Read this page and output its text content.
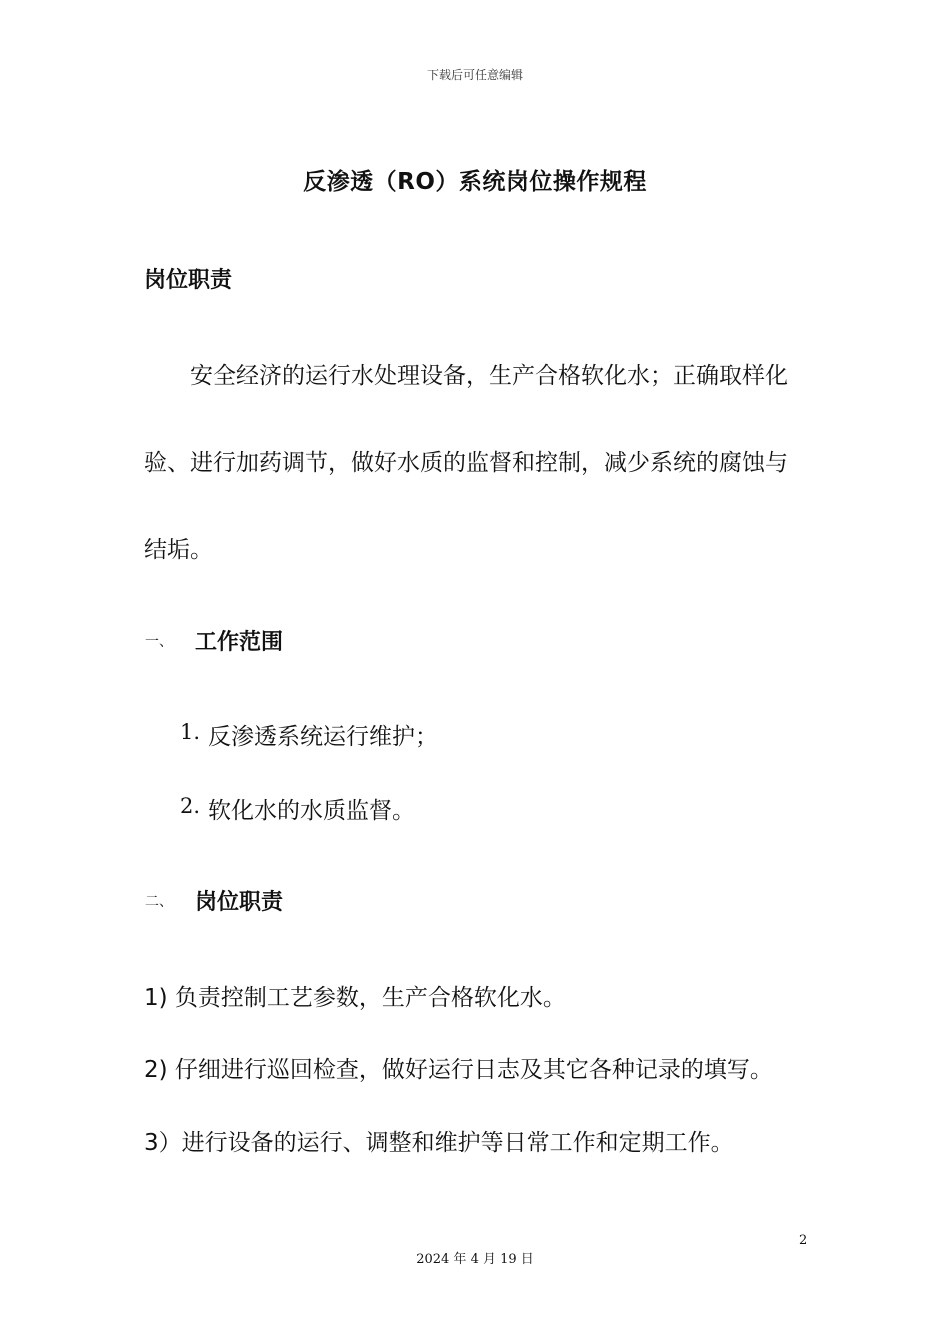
下载后可任意编辑
反渗透（RO）系统岗位操作规程
岗位职责
安全经济的运行水处理设备，生产合格软化水；正确取样化
验、进行加药调节，做好水质的监督和控制，减少系统的腐蚀与
结垢。
一、 工作范围
1. 反渗透系统运行维护；
2. 软化水的水质监督。
二、 岗位职责
1) 负责控制工艺参数，生产合格软化水。
2) 仔细进行巡回检查，做好运行日志及其它各种记录的填写。
3）进行设备的运行、调整和维护等日常工作和定期工作。
2
2024 年 4 月 19 日
